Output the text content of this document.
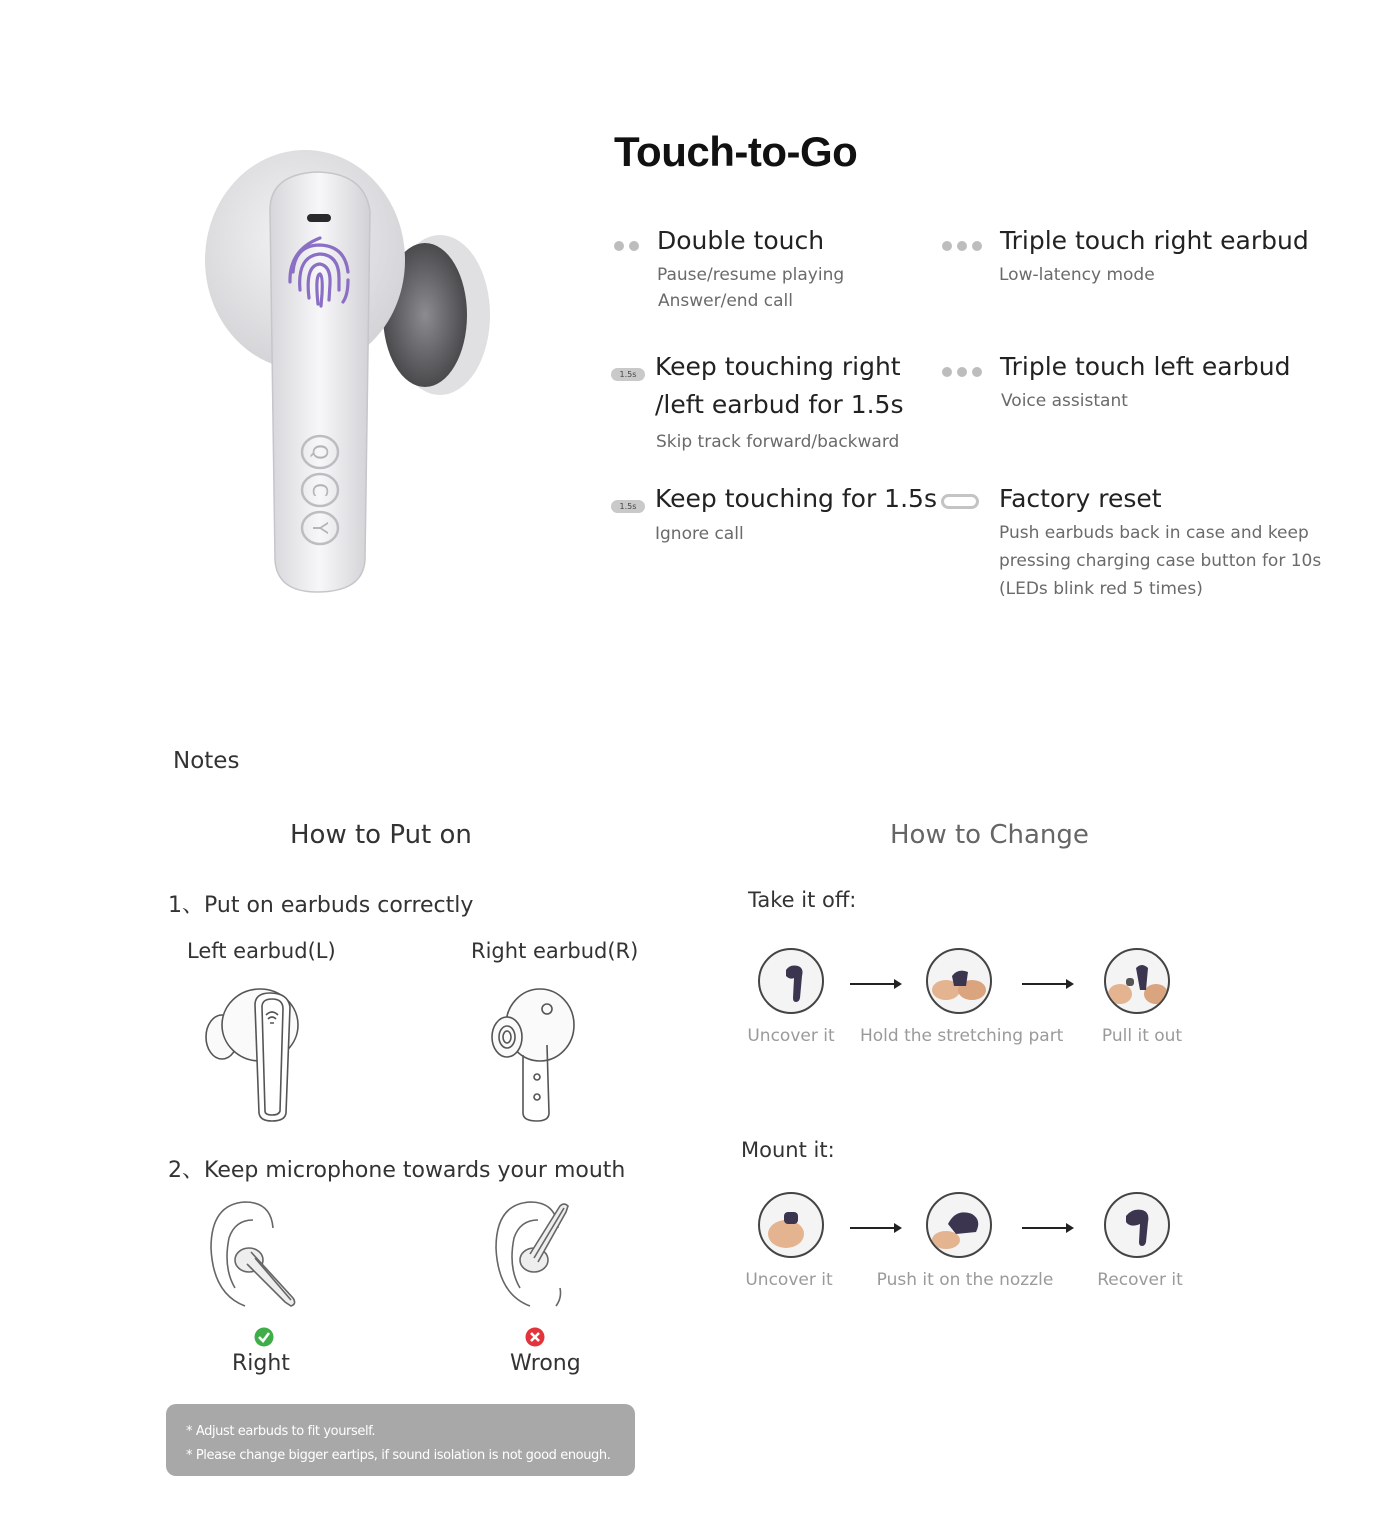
Q
C
Y
Touch-to-Go
Double touch
Pause/resume playing
Answer/end call
Triple touch right earbud
Low-latency mode
1.5s Keep touching right
/left earbud for 1.5s
Skip track forward/backward
Triple touch left earbud
Voice assistant
1.5s Keep touching for 1.5s
Ignore call
Factory reset
Push earbuds back in case and keep
pressing charging case button for 10s
(LEDs blink red 5 times)
Notes
How to Put on	How to Change
1、Put on earbuds correctly
Left earbud(L)	Right earbud(R)
2、Keep microphone towards your mouth
Right	Wrong
* Adjust earbuds to fit yourself.
* Please change bigger eartips, if sound isolation is not good enough.
Take it off:
Uncover it	Hold the stretching part	Pull it out
Mount it:
Uncover it	Push it on the nozzle	Recover it
